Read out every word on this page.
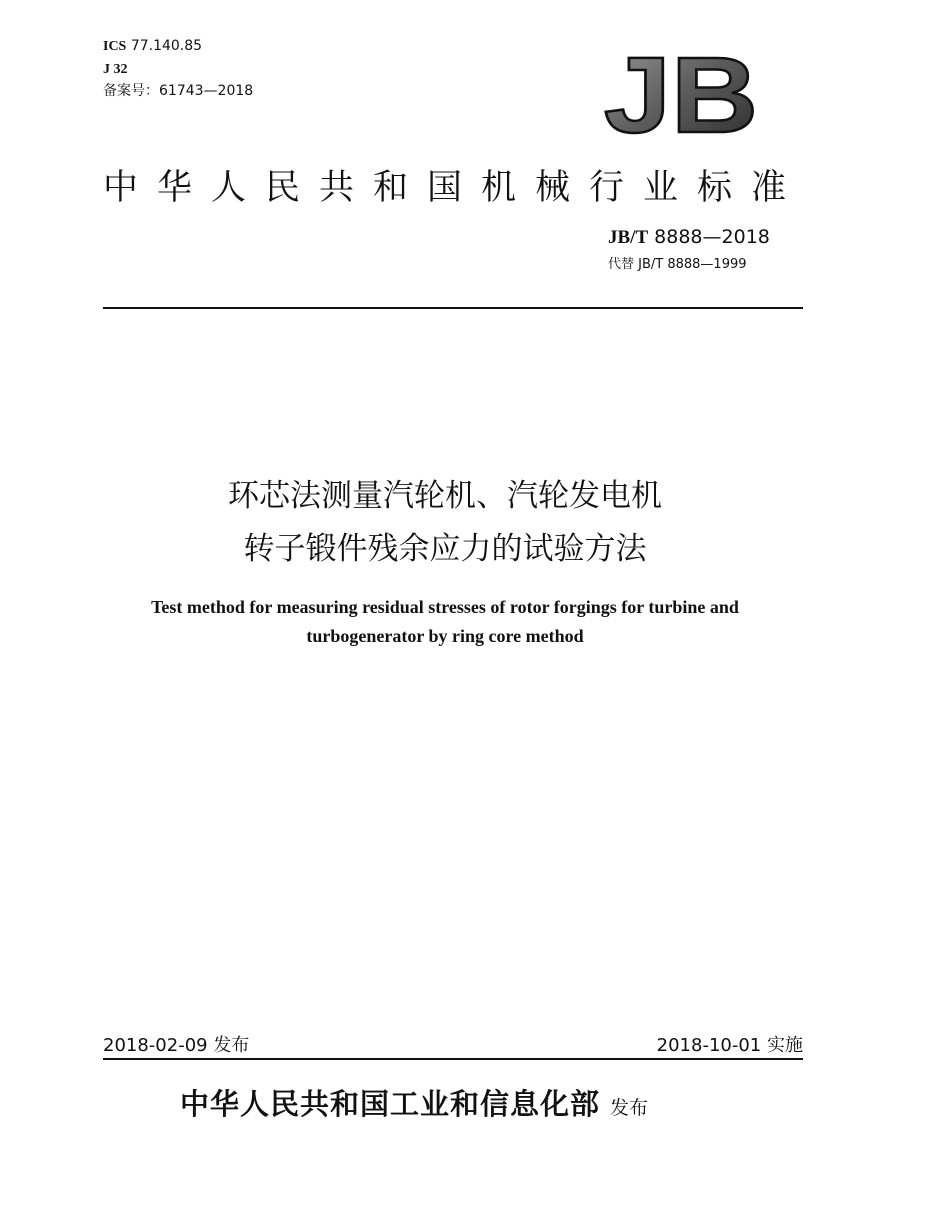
ICS 77.140.85
J 32
备案号：61743—2018	JB
中华人民共和国机械行业标准
JB/T 8888—2018
代替 JB/T 8888—1999
环芯法测量汽轮机、汽轮发电机
转子锻件残余应力的试验方法
Test method for measuring residual stresses of rotor forgings for turbine and
turbogenerator by ring core method
2018-02-09 发布	2018-10-01 实施
中华人民共和国工业和信息化部 发布
